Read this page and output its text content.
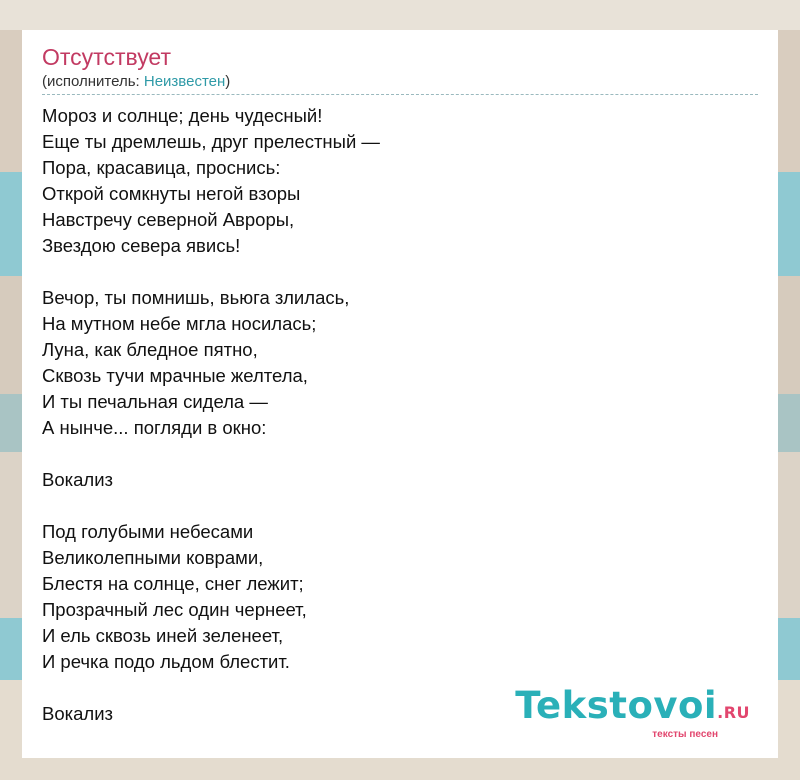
Отсутствует
(исполнитель: Неизвестен)
Мороз и солнце; день чудесный!
Еще ты дремлешь, друг прелестный —
Пора, красавица, проснись:
Открой сомкнуты негой взоры
Навстречу северной Авроры,
Звездою севера явись!
Вечор, ты помнишь, вьюга злилась,
На мутном небе мгла носилась;
Луна, как бледное пятно,
Сквозь тучи мрачные желтела,
И ты печальная сидела —
А нынче... погляди в окно:
Вокализ
Под голубыми небесами
Великолепными коврами,
Блестя на солнце, снег лежит;
Прозрачный лес один чернеет,
И ель сквозь иней зеленеет,
И речка подо льдом блестит.
Вокализ	Tekstovoi.RU
тексты песен
